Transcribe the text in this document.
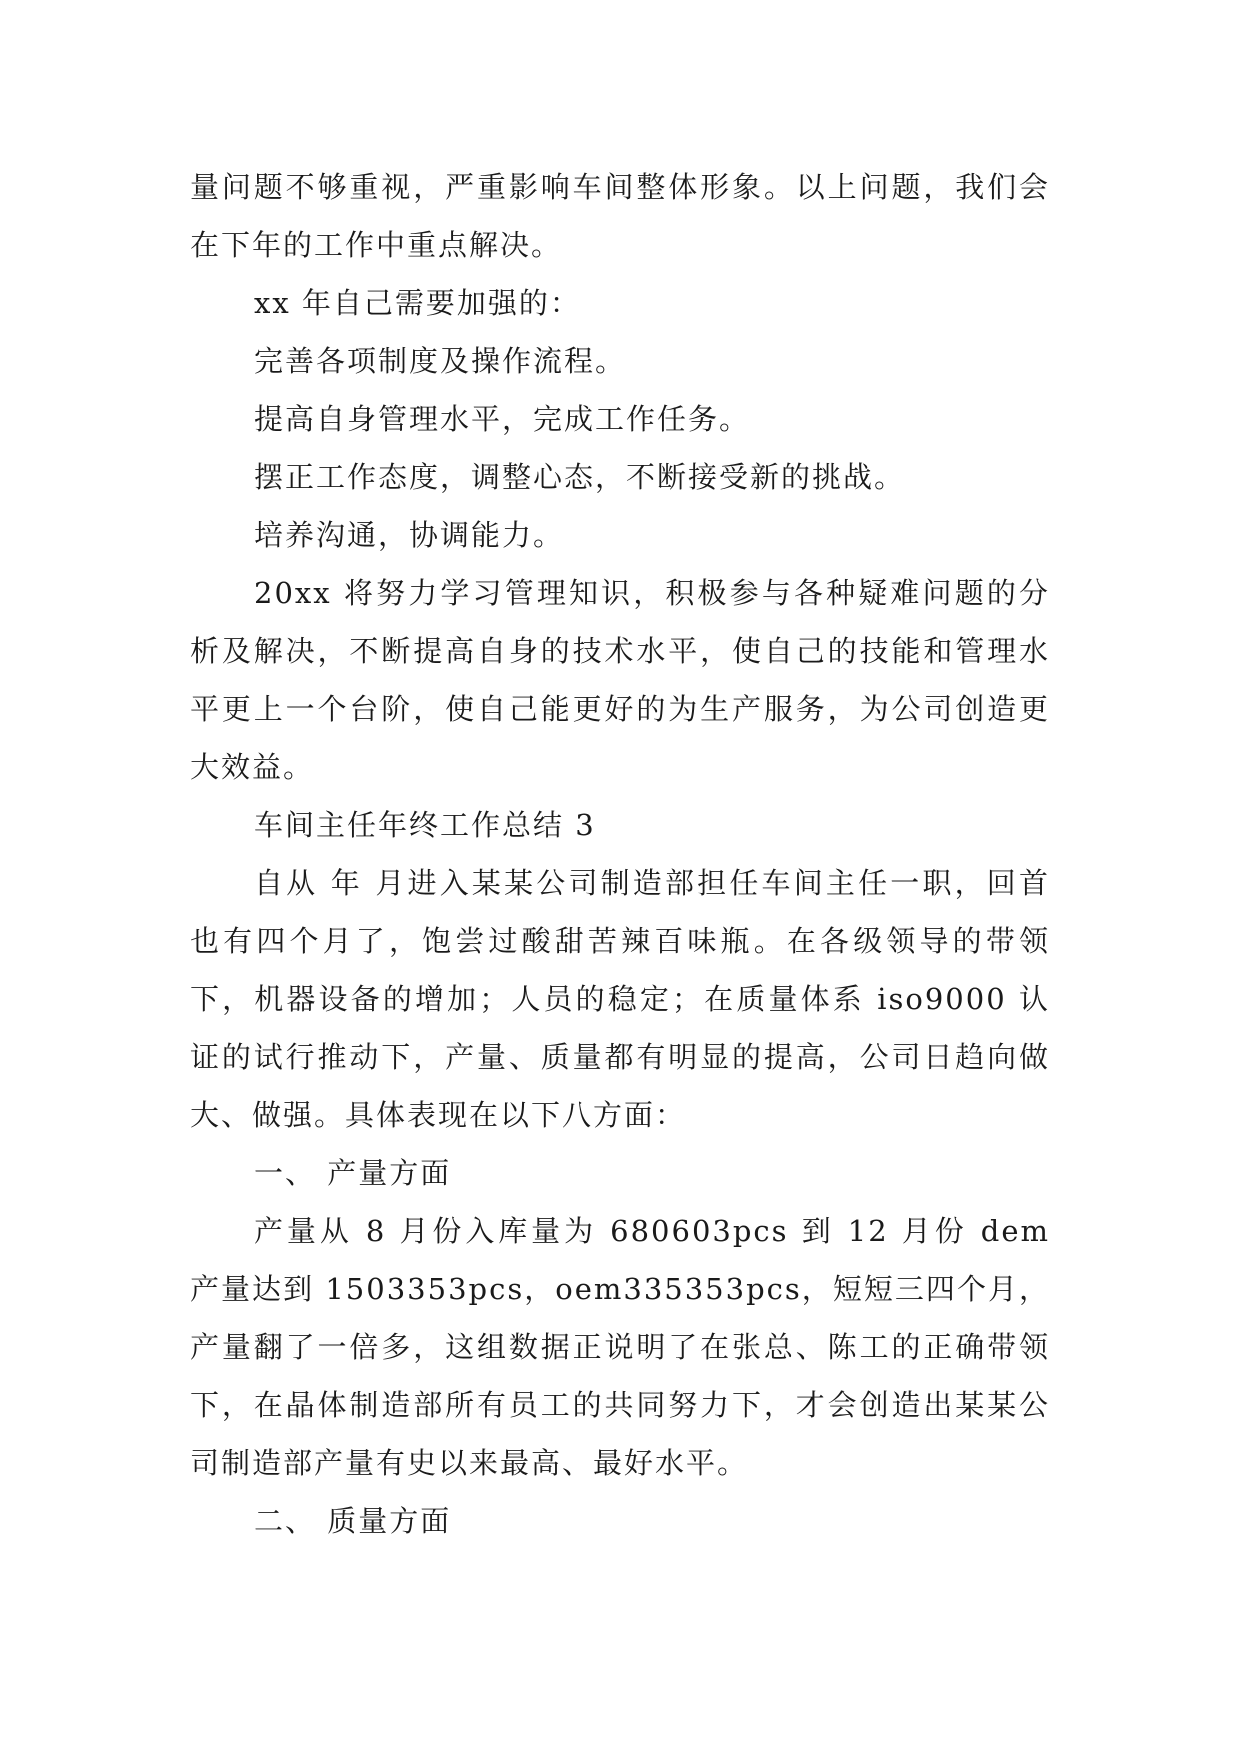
量问题不够重视，严重影响车间整体形象。以上问题，我们会在下年的工作中重点解决。

xx 年自己需要加强的：

完善各项制度及操作流程。

提高自身管理水平，完成工作任务。

摆正工作态度，调整心态，不断接受新的挑战。

培养沟通，协调能力。

20xx 将努力学习管理知识，积极参与各种疑难问题的分析及解决，不断提高自身的技术水平，使自己的技能和管理水平更上一个台阶，使自己能更好的为生产服务，为公司创造更大效益。

车间主任年终工作总结 3

自从 年 月进入某某公司制造部担任车间主任一职，回首也有四个月了，饱尝过酸甜苦辣百味瓶。在各级领导的带领下，机器设备的增加；人员的稳定；在质量体系 iso9000 认证的试行推动下，产量、质量都有明显的提高，公司日趋向做大、做强。具体表现在以下八方面：

一、 产量方面

产量从 8 月份入库量为 680603pcs 到 12 月份 dem 产量达到 1503353pcs，oem335353pcs，短短三四个月，产量翻了一倍多，这组数据正说明了在张总、陈工的正确带领下，在晶体制造部所有员工的共同努力下，才会创造出某某公司制造部产量有史以来最高、最好水平。

二、 质量方面
